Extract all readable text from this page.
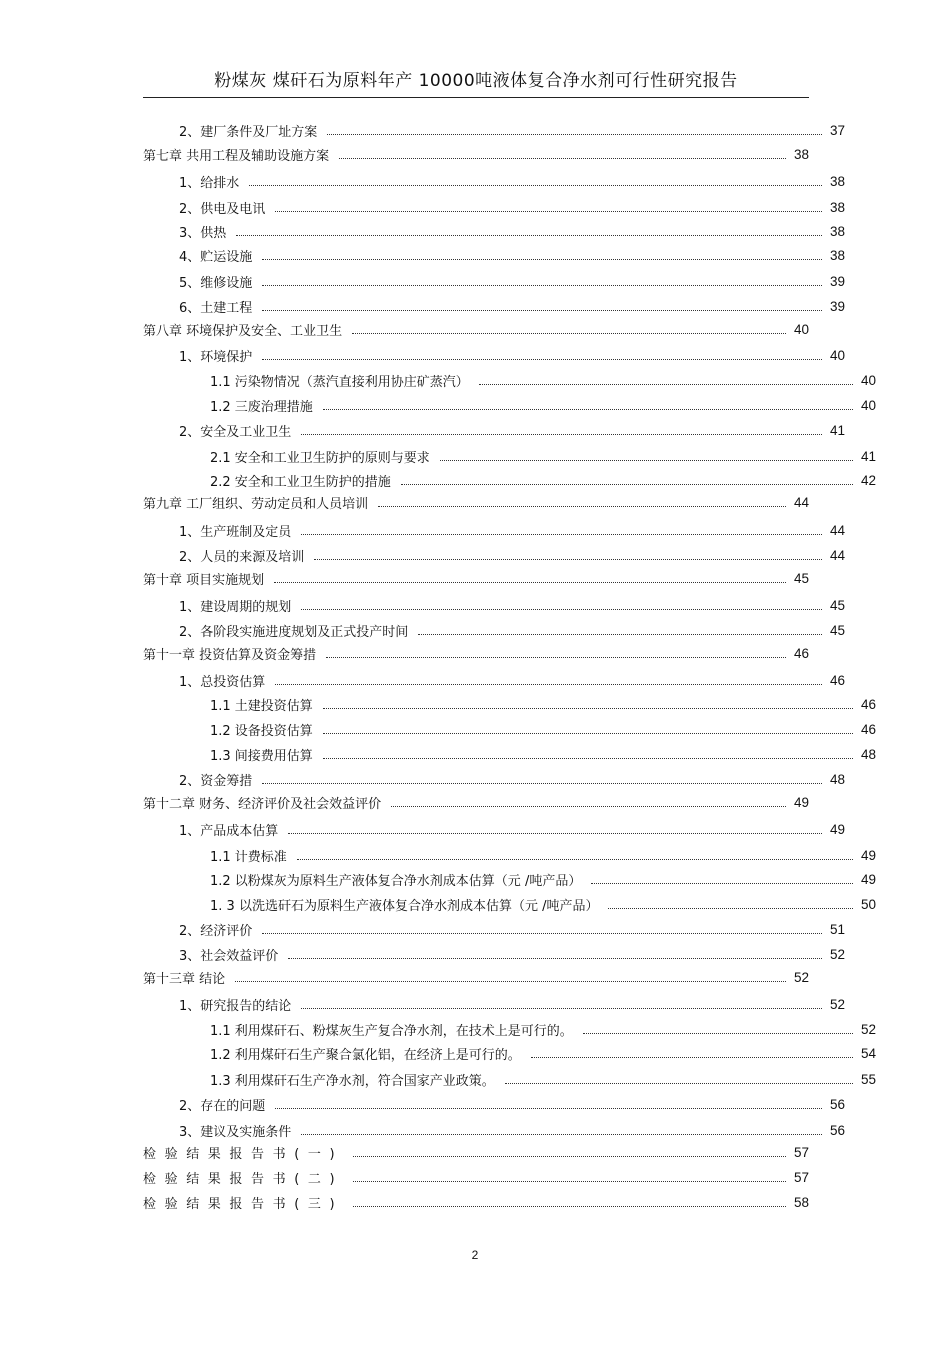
粉煤灰 煤矸石为原料年产 10000吨液体复合净水剂可行性研究报告
2、建厂条件及厂址方案	37
第七章 共用工程及辅助设施方案	38
1、给排水	38
2、供电及电讯	38
3、供热	38
4、贮运设施	38
5、维修设施	39
6、土建工程	39
第八章 环境保护及安全、工业卫生	40
1、环境保护	40
1.1 污染物情况（蒸汽直接利用协庄矿蒸汽）	40
1.2 三废治理措施	40
2、安全及工业卫生	41
2.1 安全和工业卫生防护的原则与要求	41
2.2 安全和工业卫生防护的措施	42
第九章 工厂组织、劳动定员和人员培训	44
1、生产班制及定员	44
2、人员的来源及培训	44
第十章 项目实施规划	45
1、建设周期的规划	45
2、各阶段实施进度规划及正式投产时间	45
第十一章 投资估算及资金筹措	46
1、总投资估算	46
1.1 土建投资估算	46
1.2 设备投资估算	46
1.3 间接费用估算	48
2、资金筹措	48
第十二章 财务、经济评价及社会效益评价	49
1、产品成本估算	49
1.1 计费标准	49
1.2 以粉煤灰为原料生产液体复合净水剂成本估算（元 /吨产品）	49
1. 3 以洗选矸石为原料生产液体复合净水剂成本估算（元 /吨产品）	50
2、经济评价	51
3、社会效益评价	52
第十三章 结论	52
1、研究报告的结论	52
1.1 利用煤矸石、粉煤灰生产复合净水剂，在技术上是可行的。	52
1.2 利用煤矸石生产聚合氯化铝，在经济上是可行的。	54
1.3 利用煤矸石生产净水剂，符合国家产业政策。	55
2、存在的问题	56
3、建议及实施条件	56
检验结果报告书(一)	57
检验结果报告书(二)	57
检验结果报告书(三)	58
2
